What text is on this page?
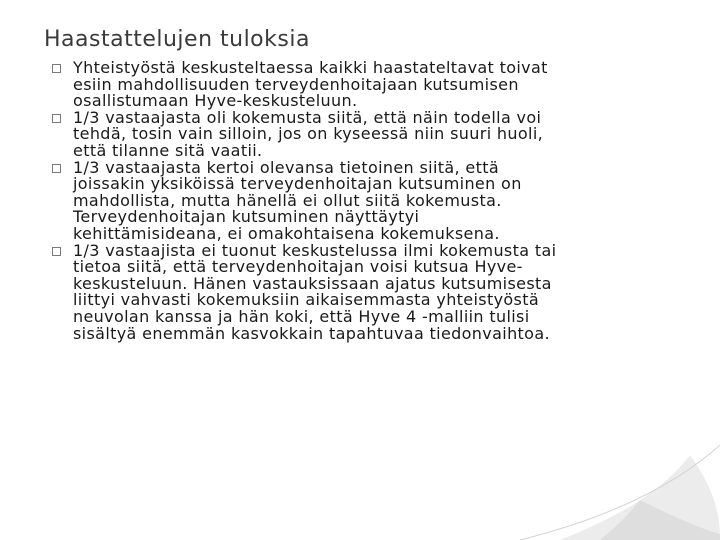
Haastattelujen tuloksia
Yhteistyöstä keskusteltaessa kaikki haastateltavat toivat
esiin mahdollisuuden terveydenhoitajaan kutsumisen
osallistumaan Hyve-keskusteluun.
1/3 vastaajasta oli kokemusta siitä, että näin todella voi
tehdä, tosin vain silloin, jos on kyseessä niin suuri huoli,
että tilanne sitä vaatii.
1/3 vastaajasta kertoi olevansa tietoinen siitä, että
joissakin yksiköissä terveydenhoitajan kutsuminen on
mahdollista, mutta hänellä ei ollut siitä kokemusta.
Terveydenhoitajan kutsuminen näyttäytyi
kehittämisideana, ei omakohtaisena kokemuksena.
1/3 vastaajista ei tuonut keskustelussa ilmi kokemusta tai
tietoa siitä, että terveydenhoitajan voisi kutsua Hyve-
keskusteluun. Hänen vastauksissaan ajatus kutsumisesta
liittyi vahvasti kokemuksiin aikaisemmasta yhteistyöstä
neuvolan kanssa ja hän koki, että Hyve 4 -malliin tulisi
sisältyä enemmän kasvokkain tapahtuvaa tiedonvaihtoa.
